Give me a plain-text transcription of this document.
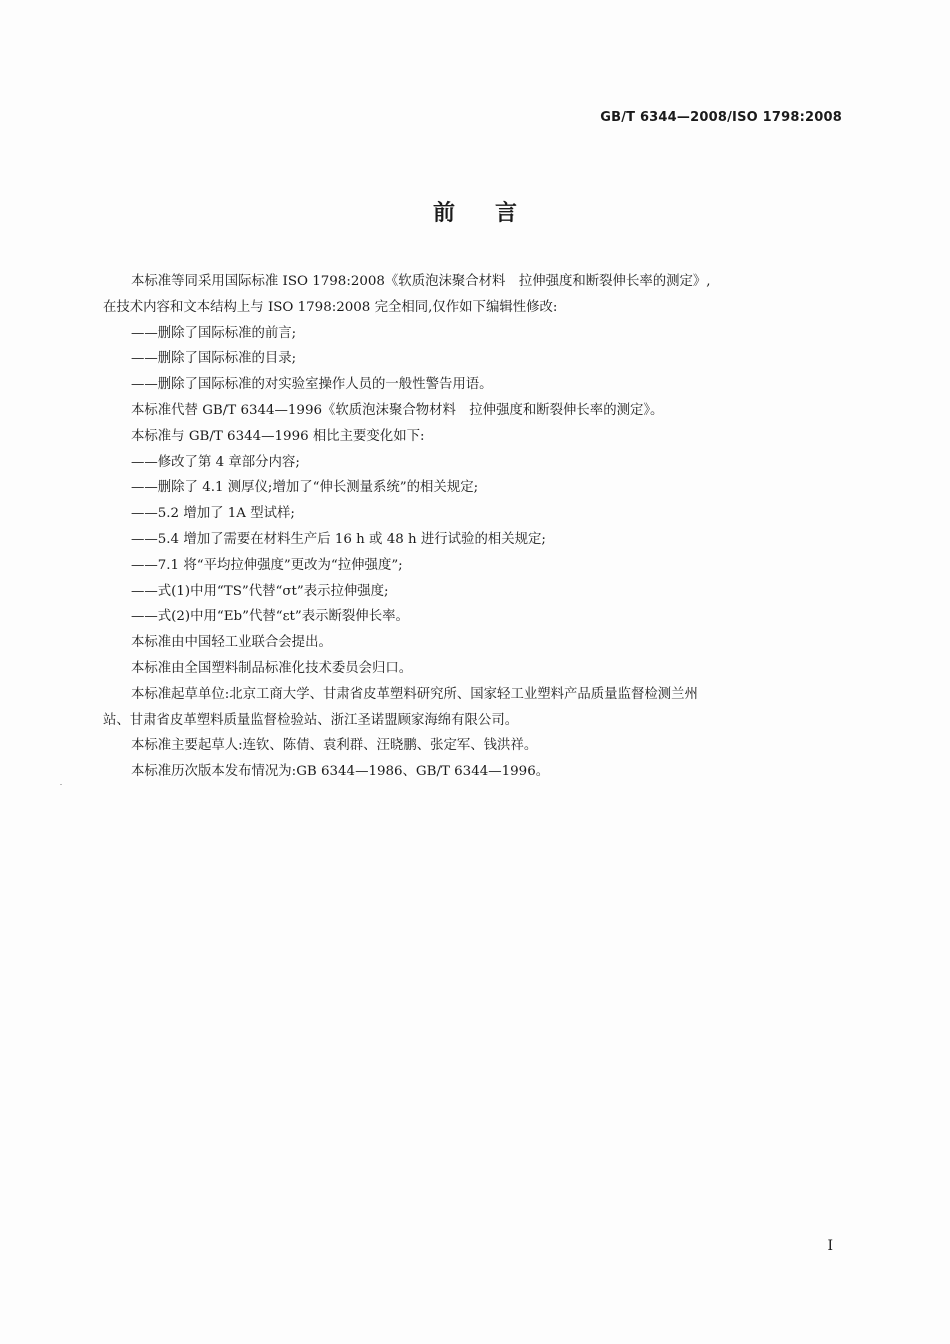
GB/T 6344—2008/ISO 1798:2008
前言

本标准等同采用国际标准 ISO 1798:2008《软质泡沫聚合材料　拉伸强度和断裂伸长率的测定》,

在技术内容和文本结构上与 ISO 1798:2008 完全相同,仅作如下编辑性修改:

——删除了国际标准的前言;

——删除了国际标准的目录;

——删除了国际标准的对实验室操作人员的一般性警告用语。

本标准代替 GB/T 6344—1996《软质泡沫聚合物材料　拉伸强度和断裂伸长率的测定》。

本标准与 GB/T 6344—1996 相比主要变化如下:

——修改了第 4 章部分内容;

——删除了 4.1 测厚仪;增加了“伸长测量系统”的相关规定;

——5.2 增加了 1A 型试样;

——5.4 增加了需要在材料生产后 16 h 或 48 h 进行试验的相关规定;

——7.1 将“平均拉伸强度”更改为“拉伸强度”;

——式(1)中用“TS”代替“σt”表示拉伸强度;

——式(2)中用“Eb”代替“εt”表示断裂伸长率。

本标准由中国轻工业联合会提出。

本标准由全国塑料制品标准化技术委员会归口。

本标准起草单位:北京工商大学、甘肃省皮革塑料研究所、国家轻工业塑料产品质量监督检测兰州

站、甘肃省皮革塑料质量监督检验站、浙江圣诺盟顾家海绵有限公司。

本标准主要起草人:连钦、陈倩、袁利群、汪晓鹏、张定军、钱洪祥。

本标准历次版本发布情况为:GB 6344—1986、GB/T 6344—1996。

I
